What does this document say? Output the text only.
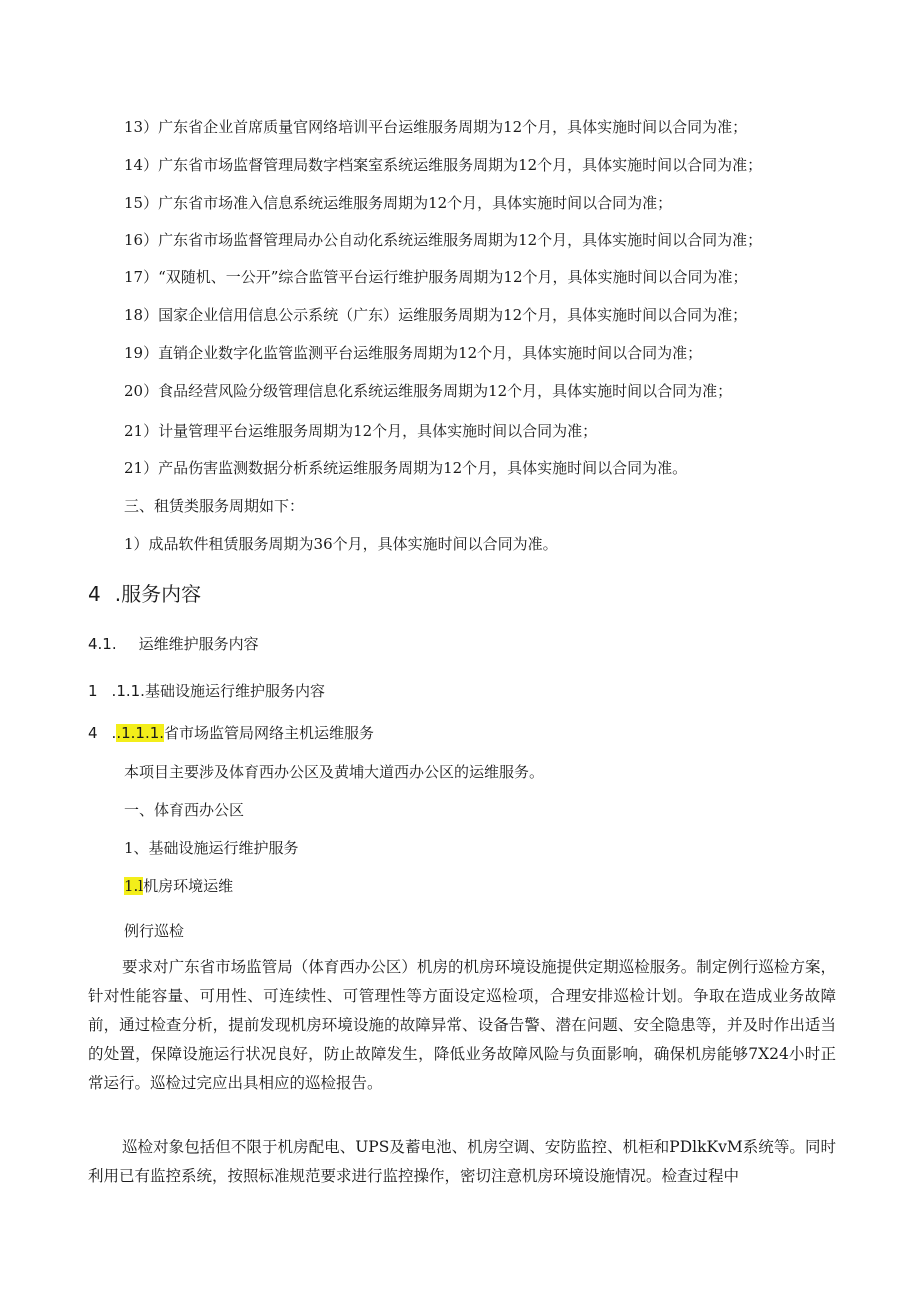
13）广东省企业首席质量官网络培训平台运维服务周期为12个月，具体实施时间以合同为准；
14）广东省市场监督管理局数字档案室系统运维服务周期为12个月，具体实施时间以合同为准；
15）广东省市场准入信息系统运维服务周期为12个月，具体实施时间以合同为准；
16）广东省市场监督管理局办公自动化系统运维服务周期为12个月，具体实施时间以合同为准；
17）“双随机、一公开”综合监管平台运行维护服务周期为12个月，具体实施时间以合同为准；
18）国家企业信用信息公示系统（广东）运维服务周期为12个月，具体实施时间以合同为准；
19）直销企业数字化监管监测平台运维服务周期为12个月，具体实施时间以合同为准；
20）食品经营风险分级管理信息化系统运维服务周期为12个月，具体实施时间以合同为准；
21）计量管理平台运维服务周期为12个月，具体实施时间以合同为准；
21）产品伤害监测数据分析系统运维服务周期为12个月，具体实施时间以合同为准。
三、租赁类服务周期如下：
1）成品软件租赁服务周期为36个月，具体实施时间以合同为准。
4 .服务内容
4.1. 运维维护服务内容
1 .1.1.基础设施运行维护服务内容
4 ..1.1.1.省市场监管局网络主机运维服务
本项目主要涉及体育西办公区及黄埔大道西办公区的运维服务。
一、体育西办公区
1、基础设施运行维护服务
1.l机房环境运维
例行巡检
要求对广东省市场监管局（体育西办公区）机房的机房环境设施提供定期巡检服务。制定例行巡检方案，针对性能容量、可用性、可连续性、可管理性等方面设定巡检项，合理安排巡检计划。争取在造成业务故障前，通过检查分析，提前发现机房环境设施的故障异常、设备告警、潜在问题、安全隐患等，并及时作出适当的处置，保障设施运行状况良好，防止故障发生，降低业务故障风险与负面影响，确保机房能够7X24小时正常运行。巡检过完应出具相应的巡检报告。
巡检对象包括但不限于机房配电、UPS及蓄电池、机房空调、安防监控、机柜和PDlkKvM系统等。同时利用已有监控系统，按照标准规范要求进行监控操作，密切注意机房环境设施情况。检查过程中
